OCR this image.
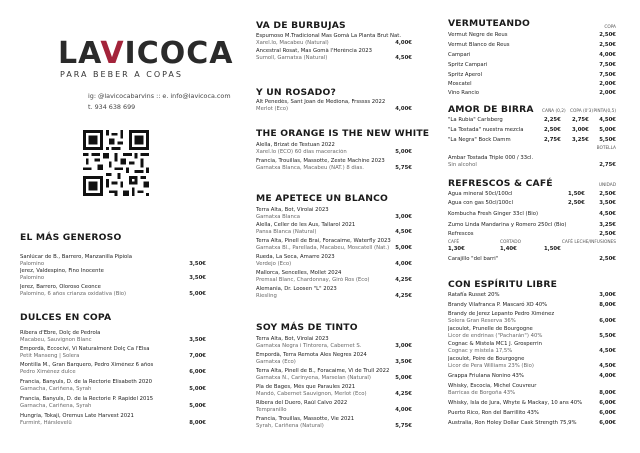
LAVICOCA
PARA BEBER A COPAS
ig: @lavicocabarvins :: e. info@lavicoca.com
t. 934 638 699
EL MÁS GENEROSO
Sanlúcar de B., Barrero, Manzanilla Pipiola
Palomino	3,50€
Jerez, Valdespino, Fino Inocente
Palomino	3,50€
Jerez, Barrero, Oloroso Ceonce
Palomino, 6 años crianza oxidativa (Bio)	5,00€
DULCES EN COPA
Ribera d'Ebre, Dolç de Pedrola
Macabeu, Sauvignon Blanc	3,50€
Empordà, Eccociví, Vi Naturalment Dolç Ca l'Elsa
Petit Manseng | Solera	7,00€
Montilla M., Gran Barquero, Pedro Ximénez 6 años
Pedro Ximénez dulce	6,00€
Francia, Banyuls, D. de la Rectorie Elisabeth 2020
Garnacha, Cariñena, Syrah	5,00€
Francia, Banyuls, D. de la Rectorie P. Rapidel 2015
Garnacha, Cariñena, Syrah	5,00€
Hungría, Tokaji, Oremus Late Harvest 2021
Furmint, Hárslevelü	8,00€
VA DE BURBUJAS
Espumoso M.Tradicional Mas Gomà La Planta Brut Nat.
Xarel.lo, Macabeu (Natural)	4,00€
Ancestral Rosat, Mas Gomà l'Herència 2023
Sumoll, Garnatxa (Natural)	4,50€
Y UN ROSADO?
Alt Penedès, Sant Joan de Mediona, Frsssss 2022
Merlot (Eco)	4,00€
THE ORANGE IS THE NEW WHITE
Alella, Brizat de Testuan 2022
Xarel.lo (ECO) 60 días maceración	5,00€
Francia, Trouillas, Massotte, Zeste Machine 2023
Garnatxa Blanca, Macabeu (NAT.) 8 días.	5,75€
ME APETECE UN BLANCO
Terra Alta, Bot, Vírolai 2023
Garnatxa Blanca	3,00€
Alella, Celler de les Aus, Tallarol 2021
Pansa Blanca (Natural)	4,50€
Terra Alta, Pinell de Brai, Foracaime, Waterfly 2023
Garnatxa Bl., Parellada, Macabeu, Moscatell (Nat.)	5,00€
Rueda, La Seca, Amarre 2023
Verdejo (Eco)	4,00€
Mallorca, Sencelles, Mollet 2024
Premsal Blanc, Chardonnay, Giró Ros (Eco)	4,25€
Alemania, Dr. Loosen "L" 2023
Riesling	4,25€
SOY MÁS DE TINTO
Terra Alta, Bot, Vírolai 2023
Garnatxa Negra i Tintorera, Cabernet S.	3,00€
Empordà, Terra Remota Ales Negres 2024
Garnatxa (Eco)	3,50€
Terra Alta, Pinell de B., Foracaime, Vi de Trull 2022
Garnatxa N., Carinyena, Marselan (Natural)	5,00€
Pla de Bages, Més que Paraules 2021
Mandó, Cabernet Sauvignon, Merlot (Eco)	4,25€
Ribera del Duero, Raúl Calvo 2022
Tempranillo	4,00€
Francia, Trouillas, Massotte, Vie 2021
Syrah, Cariñena (Natural)	5,75€
VERMUTEANDO	COPA
Vermut Negre de Reus	2,50€
Vermut Blanco de Reus	2,50€
Campari	4,00€
Spritz Campari	7,50€
Spritz Aperol	7,50€
Moscatel	2,00€
Vino Rancio	2,00€
AMOR DE BIRRA CAÑA (0,2) COPA (0'3) PINTA(0,5)
"La Rubia" Carlsberg	2,25€ 2,75€ 4,50€
"La Tostada" nuestra mezcla	2,50€ 3,00€ 5,00€
"La Negra" Bock Damm	2,75€ 3,25€ 5,50€
BOTELLA
Ambar Tostada Triple 000 / 33cl.
Sin alcohol	2,75€
REFRESCOS & CAFÉ	UNIDAD
Agua mineral 50cl/100cl	1,50€	2,50€
Agua con gas 50cl/100cl	2,50€	3,50€
Kombucha Fresh Ginger 33cl (Bio)	4,50€
Zumo Linda Mandarina y Romero 250cl (Bio)	3,25€
Refrescos	2,50€
CAFÉ	CORTADO	CAFÉ LECHE/INFUSIONES
1,30€	1,40€	1,50€
Carajillo "del barri"	2,50€
CON ESPÍRITU LIBRE
Ratafía Russet 20%	3,00€
Brandy Vilafranca P. Mascaró XO 40%	8,00€
Brandy de Jerez Lepanto Pedro Ximénez
Solera Gran Reserva 36%	6,00€
Jacoulot, Prunelle de Bourgogne
Licor de endrinas ("Pacharán") 40%	5,50€
Cognac & Mistela MC1 J. Grosperrin
Cognac y mistela 17,5%	4,50€
Jacoulot, Poire de Bourgogne
Licor de Pera Williams 23% (Bio)	4,50€
Grappa Friulana Nonino 43%	4,00€
Whisky, Escocia, Michel Couvreur
Barricas de Borgoña 43%	8,00€
Whisky, Isla de Jura, Whyte & Mackay, 10 ans 40%	6,00€
Puerto Rico, Ron del Barrillito 43%	6,00€
Australia, Ron Holey Dollar Cask Strength 75,9%	6,00€
